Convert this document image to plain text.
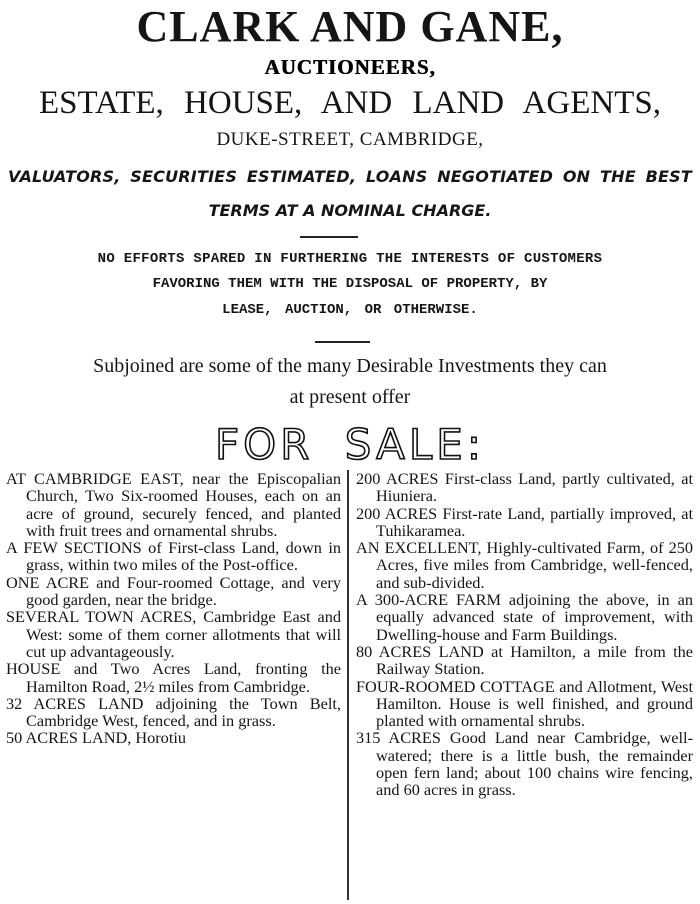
CLARK AND GANE,
AUCTIONEERS,
ESTATE, HOUSE, AND LAND AGENTS,
DUKE-STREET, CAMBRIDGE,
VALUATORS, SECURITIES ESTIMATED, LOANS NEGOTIATED ON THE BEST
TERMS AT A NOMINAL CHARGE.
NO EFFORTS SPARED IN FURTHERING THE INTERESTS OF CUSTOMERS
FAVORING THEM WITH THE DISPOSAL OF PROPERTY, BY
LEASE, AUCTION, OR OTHERWISE.
Subjoined are some of the many Desirable Investments they can
at present offer
FOR SALE:

AT CAMBRIDGE EAST, near the Episcopalian Church, Two Six-roomed Houses, each on an acre of ground, securely fenced, and planted with fruit trees and ornamental shrubs.

A FEW SECTIONS of First-class Land, down in grass, within two miles of the Post-office.

ONE ACRE and Four-roomed Cottage, and very good garden, near the bridge.

SEVERAL TOWN ACRES, Cambridge East and West: some of them corner allotments that will cut up advantageously.

HOUSE and Two Acres Land, fronting the Hamilton Road, 2½ miles from Cambridge.

32 ACRES LAND adjoining the Town Belt, Cambridge West, fenced, and in grass.

50 ACRES LAND, Horotiu

200 ACRES First-class Land, partly cultivated, at Hiuniera.

200 ACRES First-rate Land, partially improved, at Tuhikaramea.

AN EXCELLENT, Highly-cultivated Farm, of 250 Acres, five miles from Cambridge, well-fenced, and sub-divided.

A 300-ACRE FARM adjoining the above, in an equally advanced state of improvement, with Dwelling-house and Farm Buildings.

80 ACRES LAND at Hamilton, a mile from the Railway Station.

FOUR-ROOMED COTTAGE and Allotment, West Hamilton. House is well finished, and ground planted with ornamental shrubs.

315 ACRES Good Land near Cambridge, well-watered; there is a little bush, the remainder open fern land; about 100 chains wire fencing, and 60 acres in grass.
